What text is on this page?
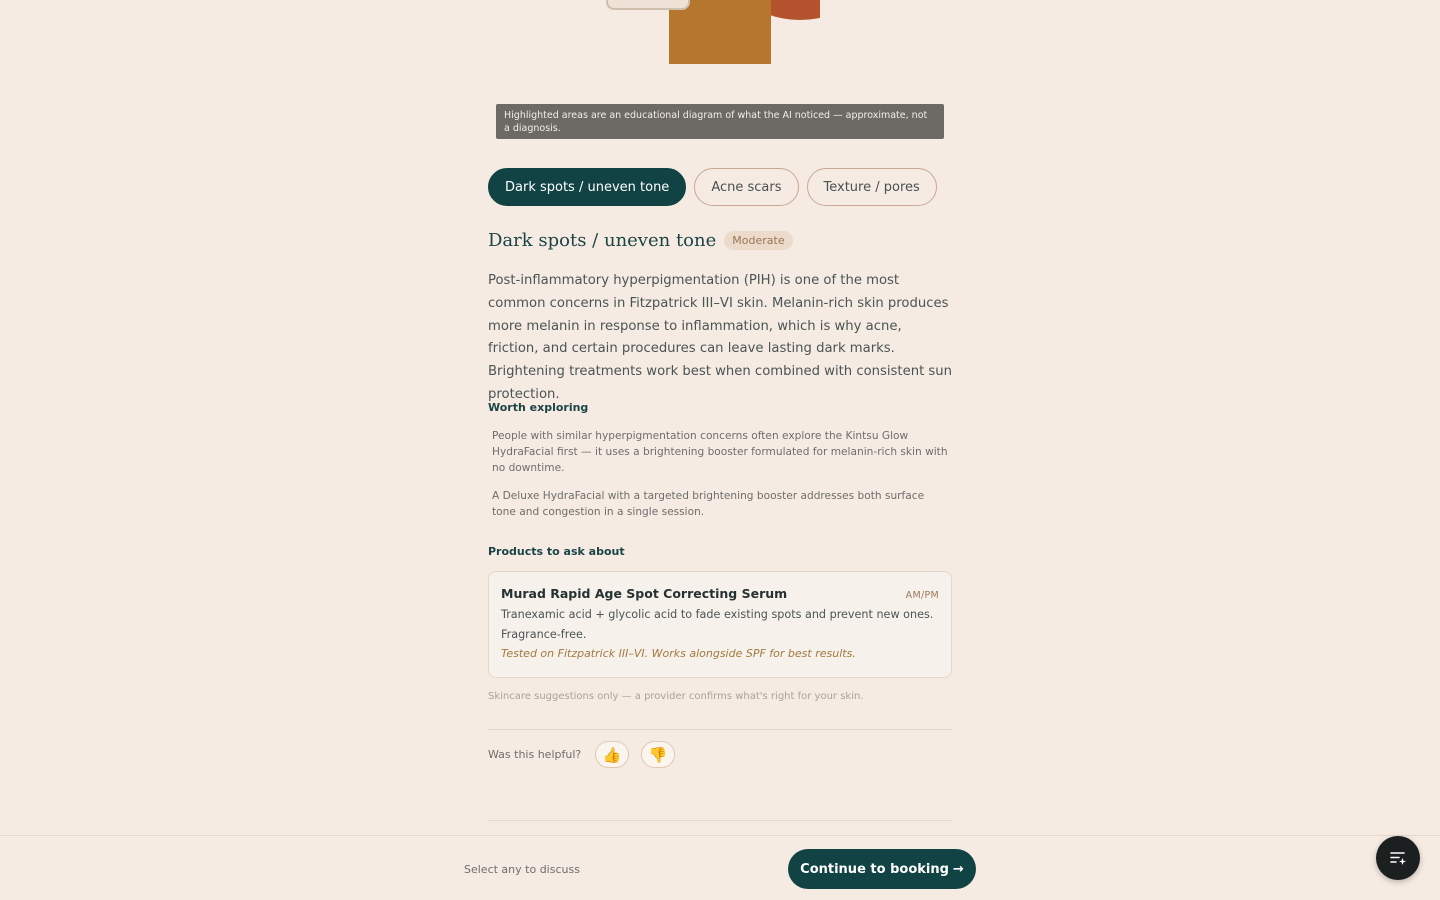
Highlighted areas are an educational diagram of what the AI noticed — approximate, not a diagnosis.
Dark spots / uneven tone	Acne scars	Texture / pores
Dark spots / uneven tone	Moderate

Post-inflammatory hyperpigmentation (PIH) is one of the most common concerns in Fitzpatrick III–VI skin. Melanin-rich skin produces more melanin in response to inflammation, which is why acne, friction, and certain procedures can leave lasting dark marks. Brightening treatments work best when combined with consistent sun protection.

Worth exploring

People with similar hyperpigmentation concerns often explore the Kintsu Glow HydraFacial first — it uses a brightening booster formulated for melanin-rich skin with no downtime.

A Deluxe HydraFacial with a targeted brightening booster addresses both surface tone and congestion in a single session.

Products to ask about
Murad Rapid Age Spot Correcting Serum	AM/PM

Tranexamic acid + glycolic acid to fade existing spots and prevent new ones. Fragrance-free.

Tested on Fitzpatrick III–VI. Works alongside SPF for best results.

Skincare suggestions only — a provider confirms what's right for your skin.
Was this helpful? 👍 👎
Select any to discuss	Continue to booking →
